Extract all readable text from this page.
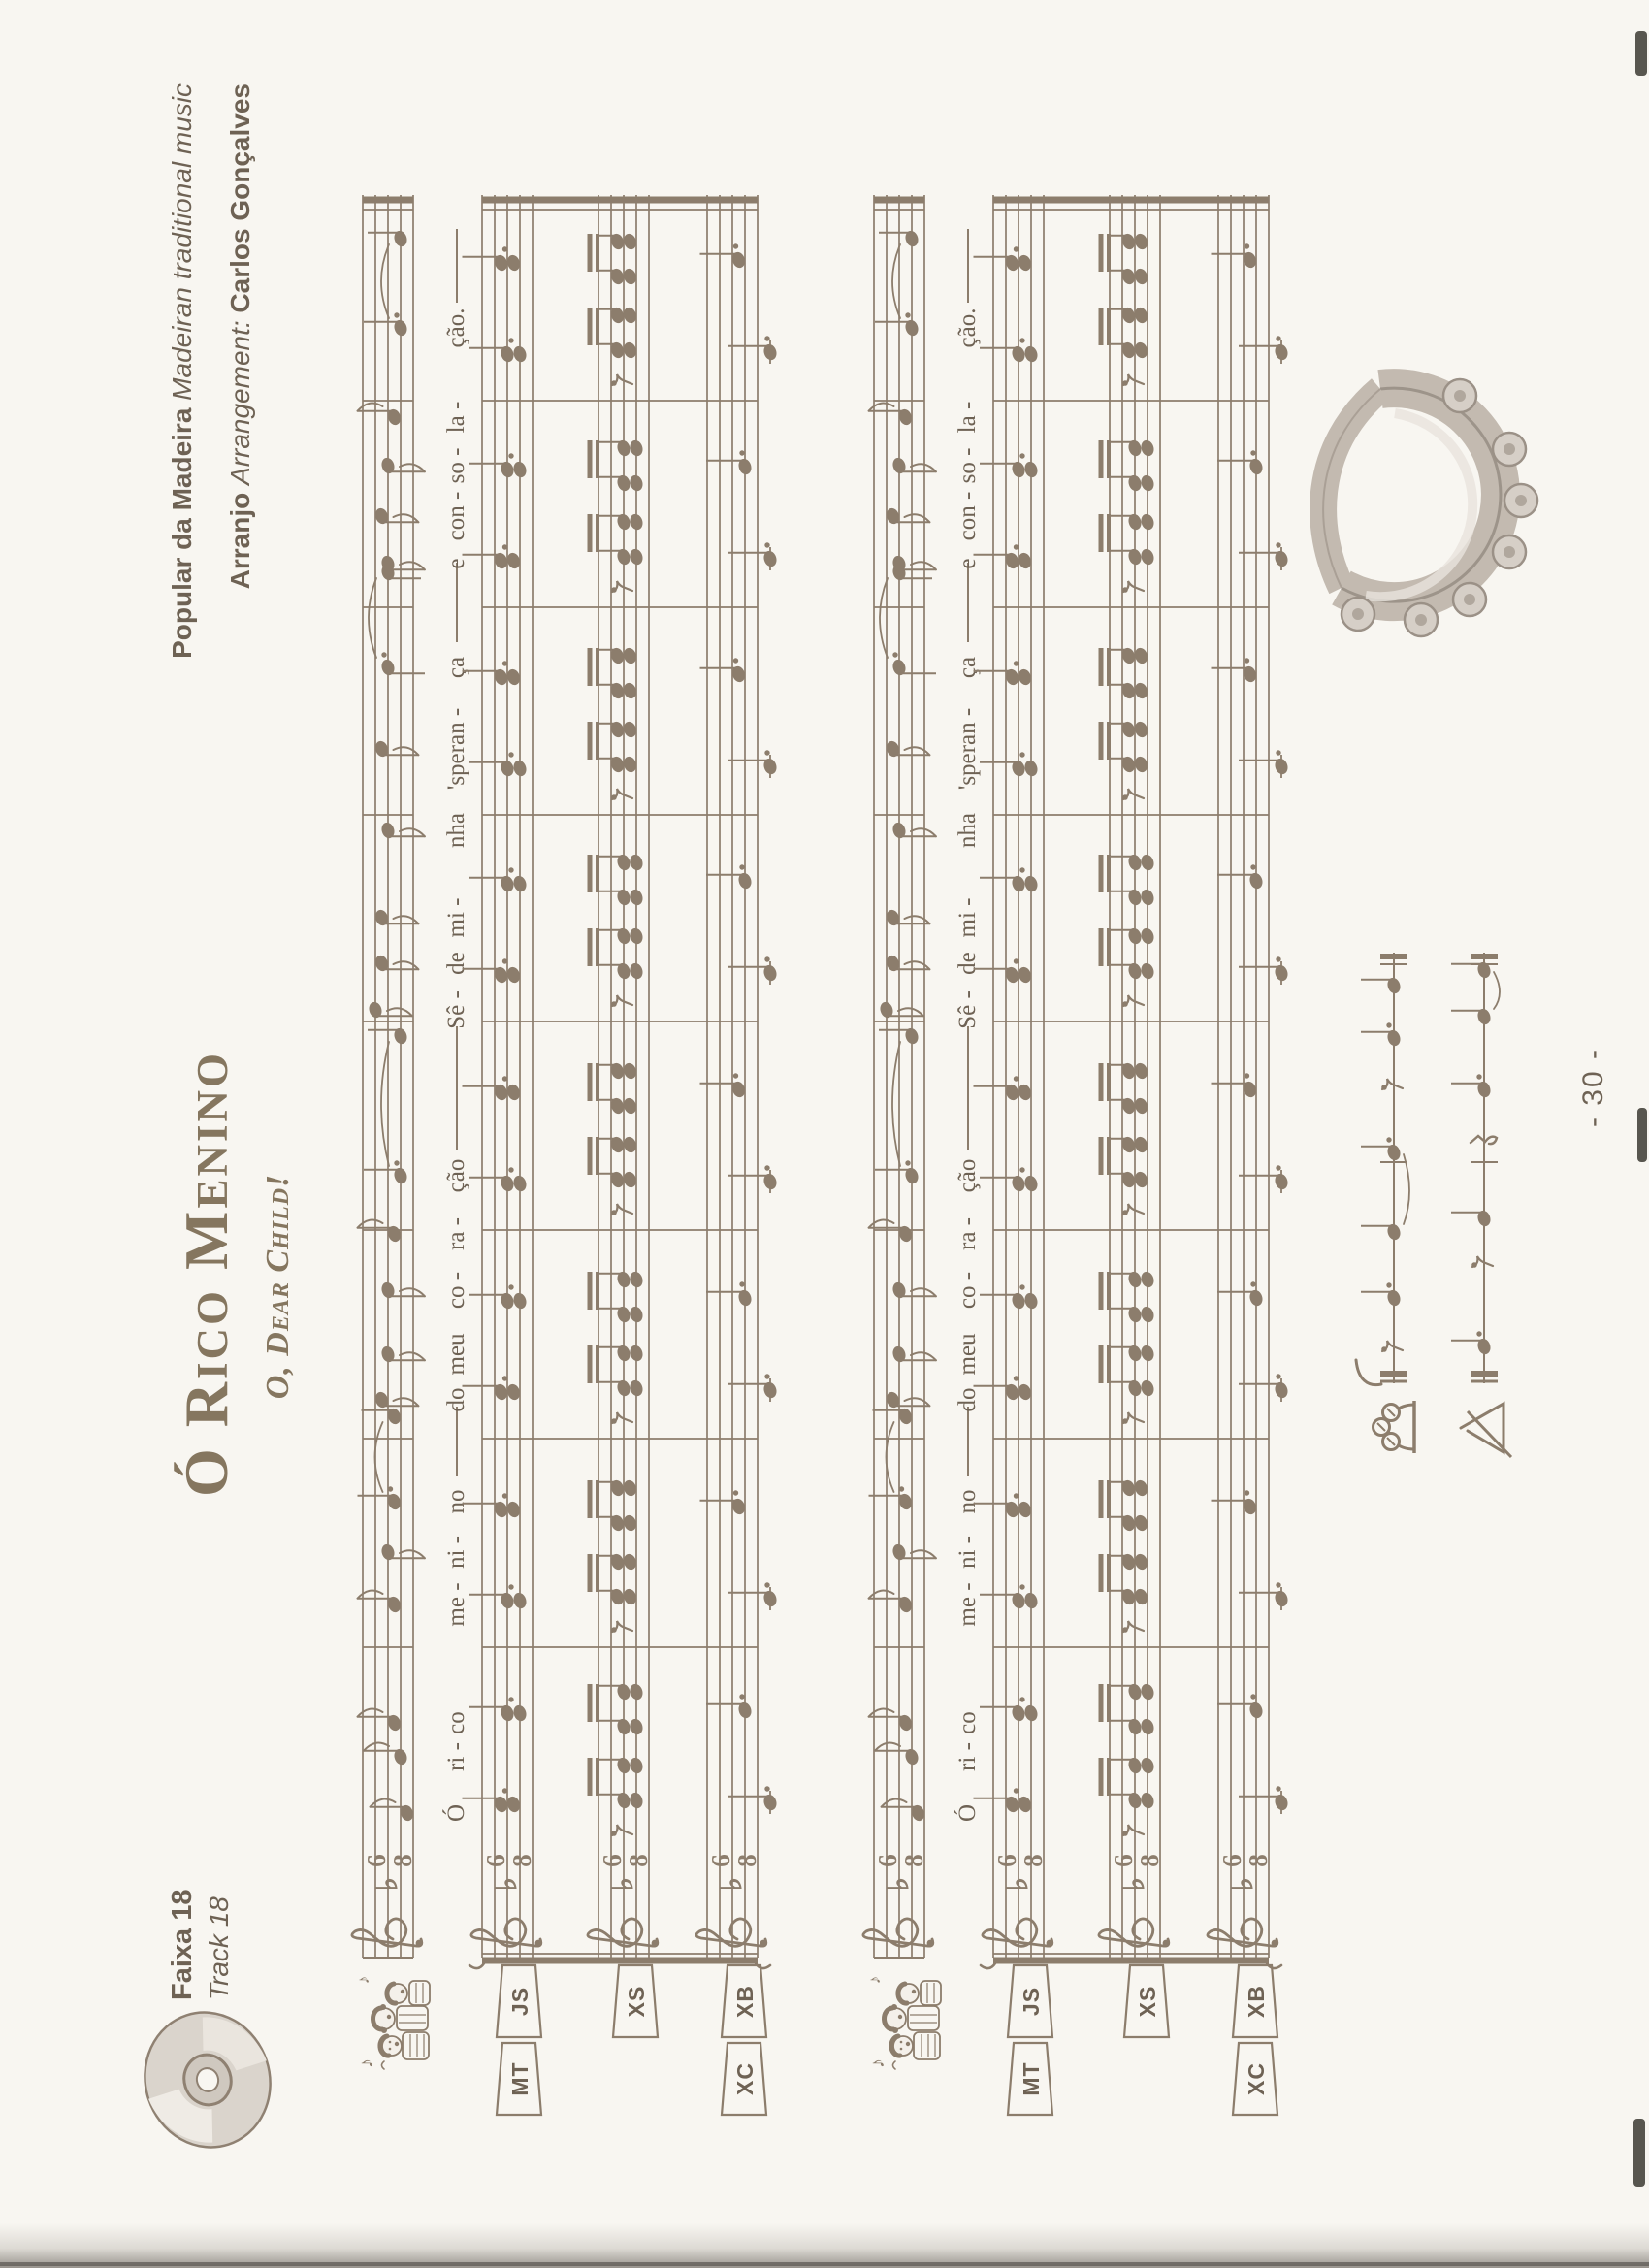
Ó Rico Menino O, Dear Child!
Popular da Madeira Madeiran traditional music
Arranjo Arrangement: Carlos Gonçalves
Faixa 18 Track 18
♭
6
8
♭
6
8
♭
6
8
♭
6
8
Ó
ri -
co
me -
ni -
no
do
meu
co -
ra -
ção
Sê -
de
mi -
nha
'speran -
ça
e
con -
so -
la -
ção.
MT
JS	XS
XC
XB
♪
♪
♭
6
8
♭
6
8
♭
6
8
♭
6
8
Ó
ri -
co
me -
ni -
no
do
meu
co -
ra -
ção
Sê -
de
mi -
nha
'speran -
ça
e
con -
so -
la -
ção.
MT
JS	XS
XC
XB
♪
♪
- 30 -
